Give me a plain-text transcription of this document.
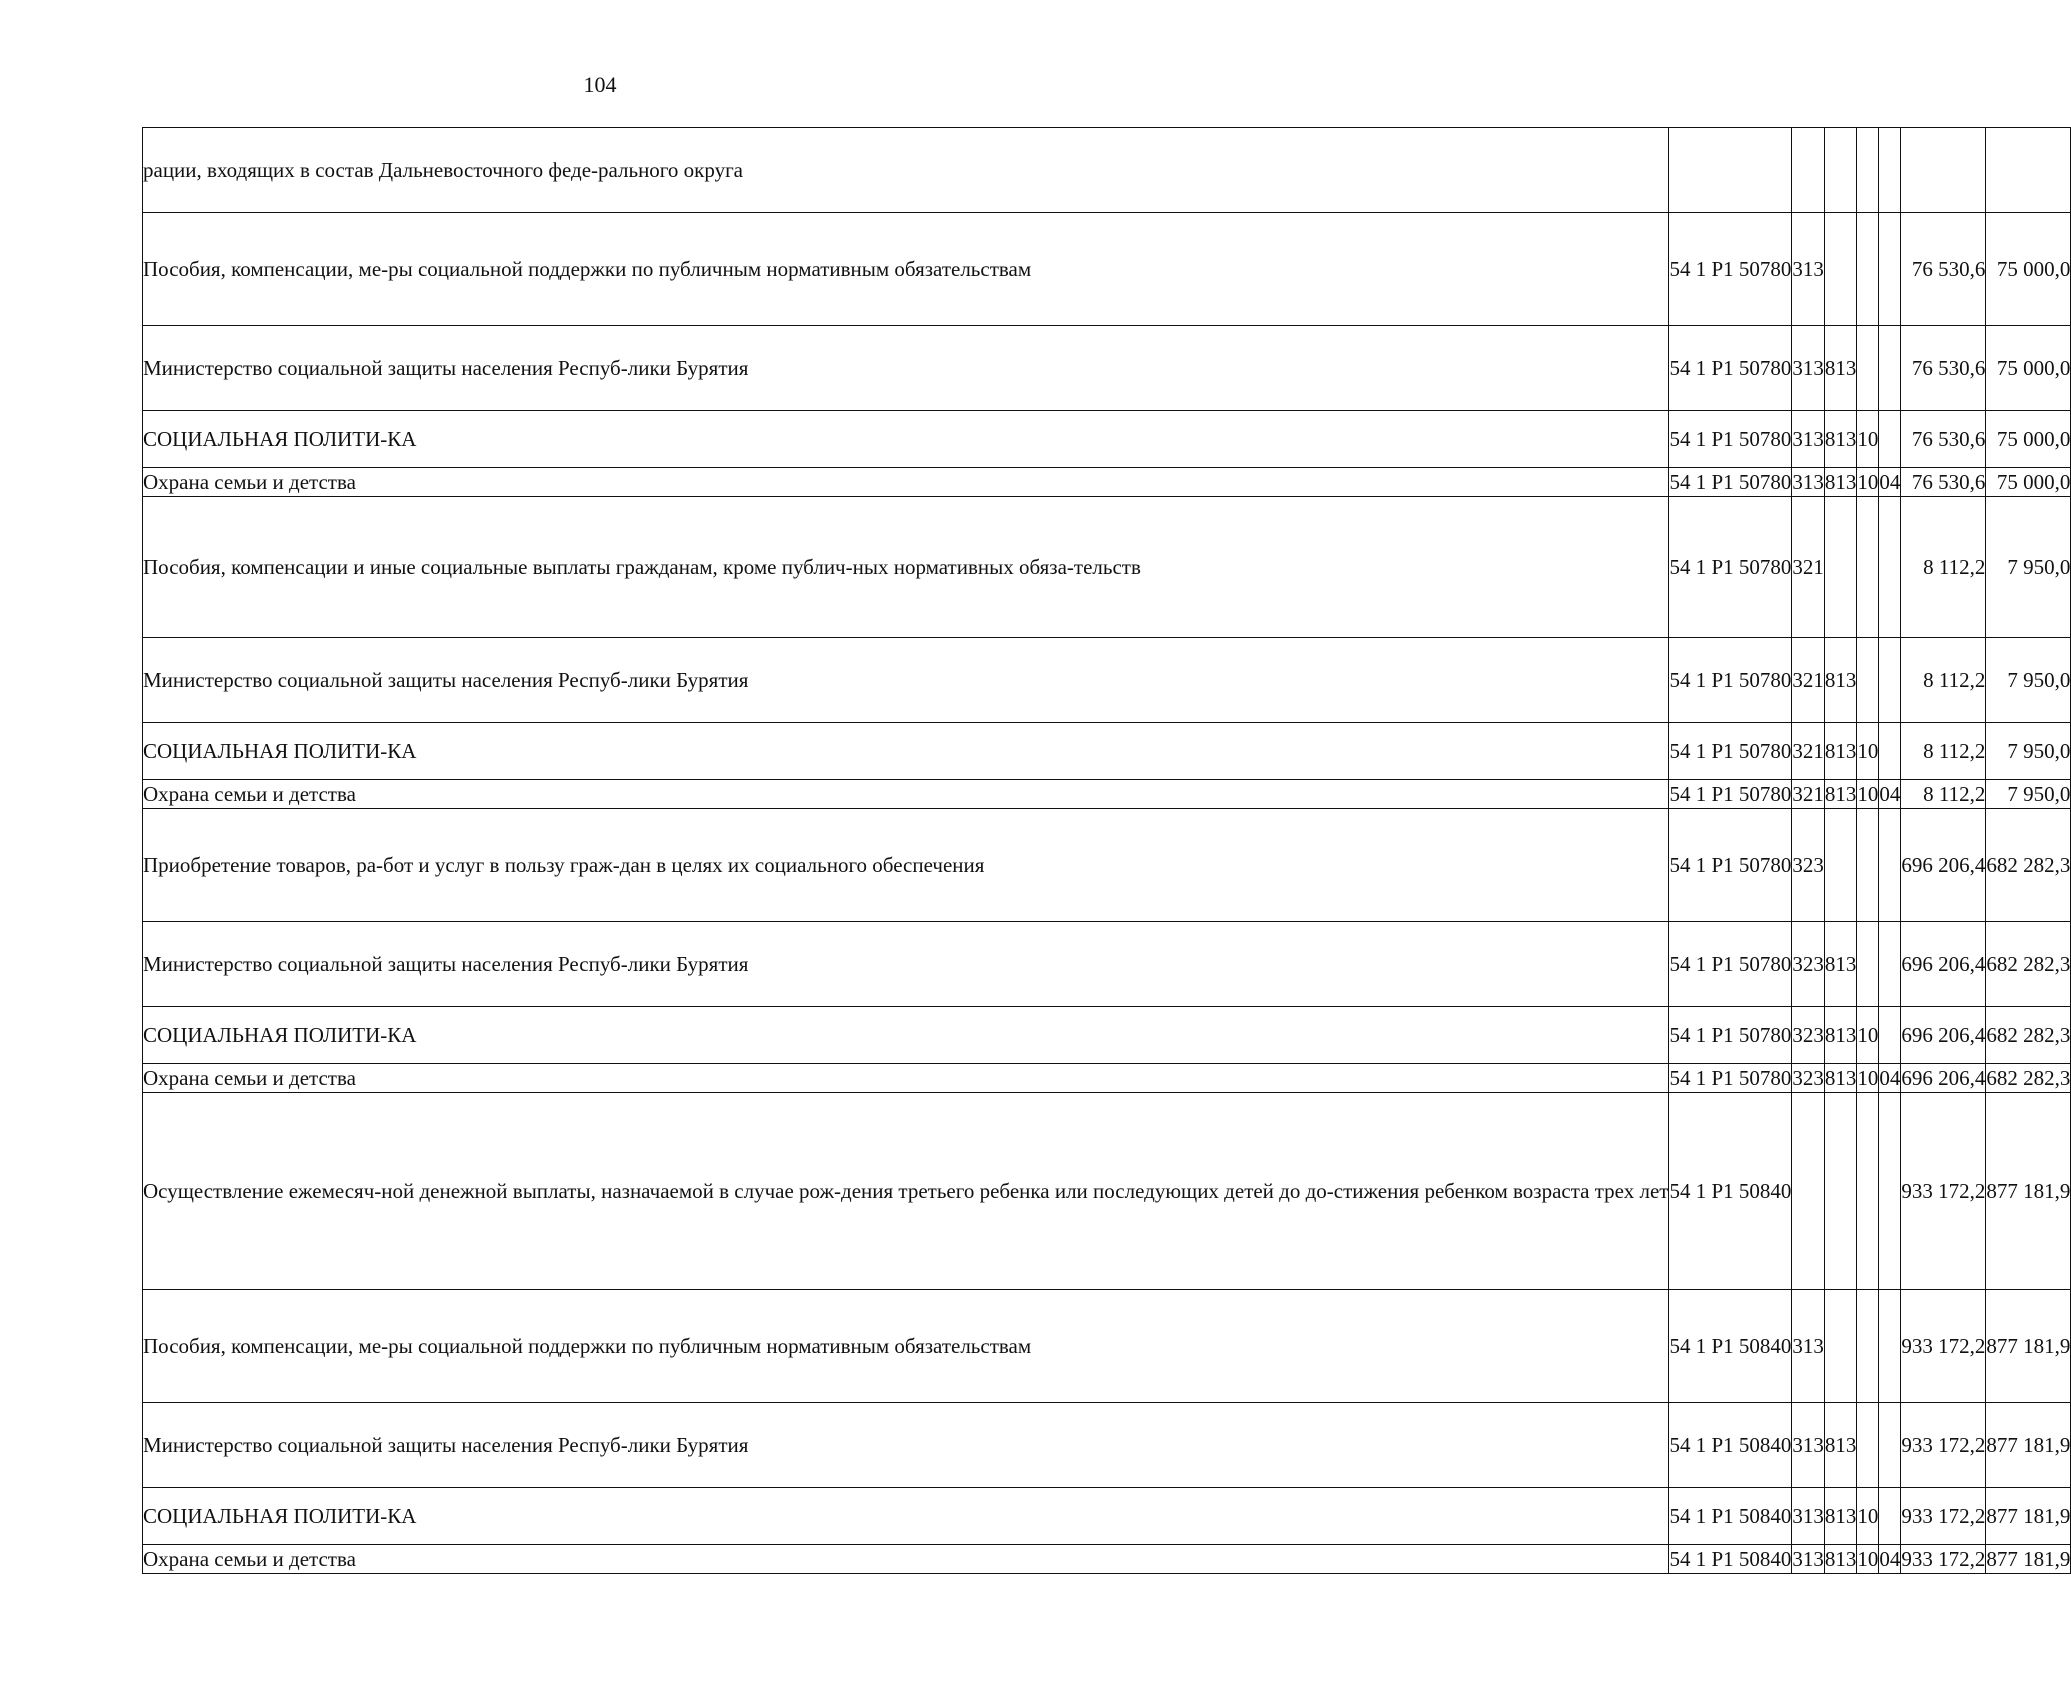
104
рации, входящих в состав Дальневосточного феде-рального округа							
Пособия, компенсации, ме-ры социальной поддержки по публичным нормативным обязательствам	54 1 P1 50780	313				76 530,6	75 000,0
Министерство социальной защиты населения Респуб-лики Бурятия	54 1 P1 50780	313	813			76 530,6	75 000,0
СОЦИАЛЬНАЯ ПОЛИТИ-КА	54 1 P1 50780	313	813	10		76 530,6	75 000,0
Охрана семьи и детства	54 1 P1 50780	313	813	10	04	76 530,6	75 000,0
Пособия, компенсации и иные социальные выплаты гражданам, кроме публич-ных нормативных обяза-тельств	54 1 P1 50780	321				8 112,2	7 950,0
Министерство социальной защиты населения Респуб-лики Бурятия	54 1 P1 50780	321	813			8 112,2	7 950,0
СОЦИАЛЬНАЯ ПОЛИТИ-КА	54 1 P1 50780	321	813	10		8 112,2	7 950,0
Охрана семьи и детства	54 1 P1 50780	321	813	10	04	8 112,2	7 950,0
Приобретение товаров, ра-бот и услуг в пользу граж-дан в целях их социального обеспечения	54 1 P1 50780	323				696 206,4	682 282,3
Министерство социальной защиты населения Респуб-лики Бурятия	54 1 P1 50780	323	813			696 206,4	682 282,3
СОЦИАЛЬНАЯ ПОЛИТИ-КА	54 1 P1 50780	323	813	10		696 206,4	682 282,3
Охрана семьи и детства	54 1 P1 50780	323	813	10	04	696 206,4	682 282,3
Осуществление ежемесяч-ной денежной выплаты, назначаемой в случае рож-дения третьего ребенка или последующих детей до до-стижения ребенком возраста трех лет	54 1 P1 50840					933 172,2	877 181,9
Пособия, компенсации, ме-ры социальной поддержки по публичным нормативным обязательствам	54 1 P1 50840	313				933 172,2	877 181,9
Министерство социальной защиты населения Респуб-лики Бурятия	54 1 P1 50840	313	813			933 172,2	877 181,9
СОЦИАЛЬНАЯ ПОЛИТИ-КА	54 1 P1 50840	313	813	10		933 172,2	877 181,9
Охрана семьи и детства	54 1 P1 50840	313	813	10	04	933 172,2	877 181,9
